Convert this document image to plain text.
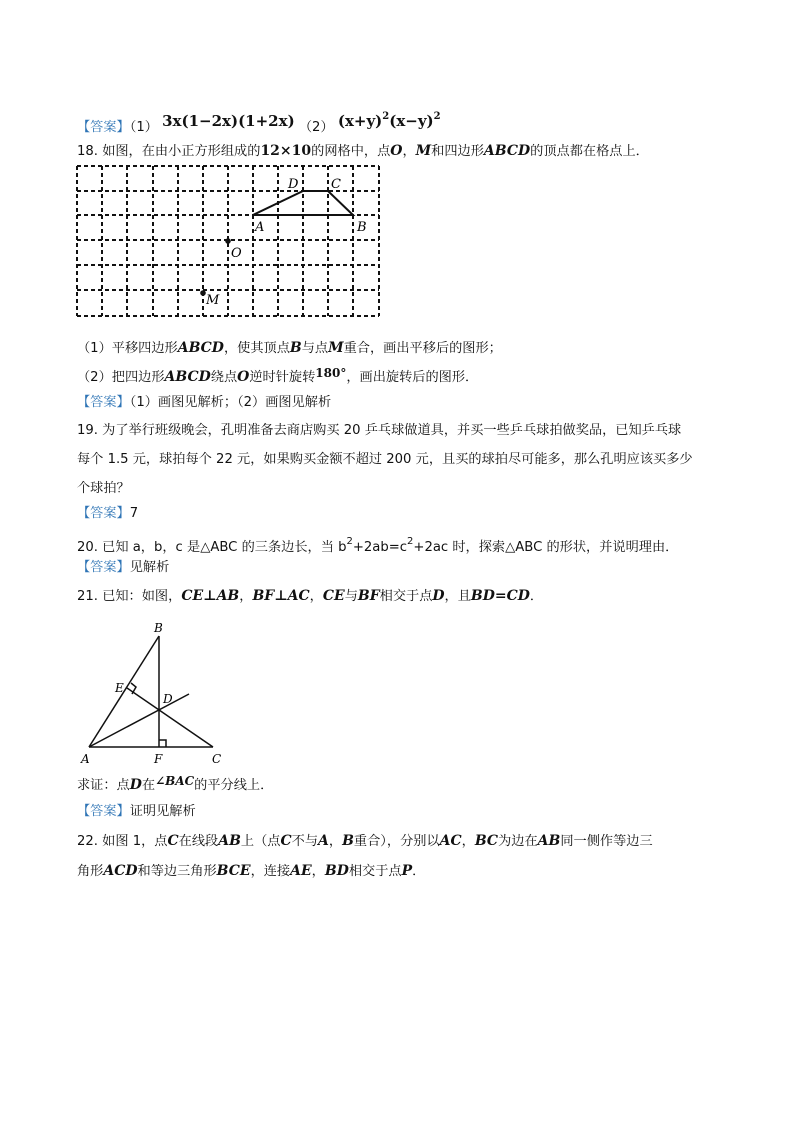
【答案】（1） 3x(1−2x)(1+2x) （2） $(x+y)^2(x-y)^2$
18. 如图，在由小正方形组成的12×10的网格中，点O，M和四边形ABCD的顶点都在格点上．
D	C
A	B
O
M
（1）平移四边形ABCD，使其顶点B与点M重合，画出平移后的图形；
（2）把四边形ABCD绕点O逆时针旋转180°，画出旋转后的图形．
【答案】（1）画图见解析；（2）画图见解析
19. 为了举行班级晚会，孔明准备去商店购买 20 乒乓球做道具，并买一些乒乓球拍做奖品，已知乒乓球
每个 1.5 元，球拍每个 22 元，如果购买金额不超过 200 元，且买的球拍尽可能多，那么孔明应该买多少
个球拍？
【答案】7
20. 已知 a，b，c 是△ABC 的三条边长，当 $b^2+2ab=c^2+2ac$ 时，探索△ABC 的形状，并说明理由．
【答案】见解析
21. 已知：如图，CE⊥AB，BF⊥AC，CE与BF相交于点D，且BD=CD．
B
E
D
A	F	C
求证：点D在∠BAC的平分线上．
【答案】证明见解析
22. 如图 1，点C在线段AB上（点C不与A，B重合），分别以AC，BC为边在AB同一侧作等边三
角形ACD和等边三角形BCE，连接AE，BD相交于点P．
